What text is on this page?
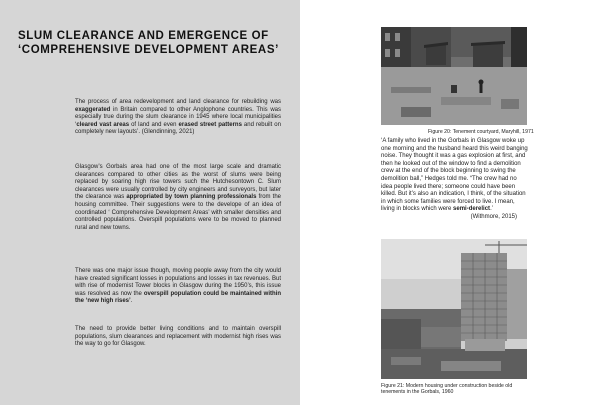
SLUM CLEARANCE AND EMERGENCE OF
‘COMPREHENSIVE DEVELOPMENT AREAS’
The process of area redevelopment and land clearance for rebuilding was exaggerated in Britain compared to other Anglophone countries. This was especially true during the slum clearance in 1945 where local municipalities ‘cleared vast areas of land and even erased street patterns and rebuilt on completely new layouts’. (Glendinning, 2021)
Glasgow’s Gorbals area had one of the most large scale and dramatic clearances compared to other cities as the worst of slums were being replaced by soaring high rise towers such the Hutchesontown C. Slum clearances were usually controlled by city engineers and surveyors, but later the clearance was appropriated by town planning professionals from the housing committee. Their suggestions were to the develope of an idea of coordinated ‘ Comprehensive Development Areas’ with smaller densities and controlled populations. Overspill populations were to be moved to planned rural and new towns.
There was one major issue though, moving people away from the city would have created significant losses in populations and losses in tax revenues. But with rise of modernist Tower blocks in Glasgow during the 1950’s, this issue was resolved as now the overspill population could be maintained within the ‘new high rises’.
The need to provide better living conditions and to maintain overspill populations, slum clearances and replacement with modernist high rises was the way to go for Glasgow.
Figure 20: Tenement courtyard, Maryhill, 1971
‘A family who lived in the Gorbals in Glasgow woke up one morning and the husband heard this weird banging noise. They thought it was a gas explosion at first, and then he looked out of the window to find a demolition crew at the end of the block beginning to swing the demolition ball,” Hedges told me. “The crew had no idea people lived there; someone could have been killed. But it’s also an indication, I think, of the situation in which some families were forced to live. I mean, living in blocks which were semi-derelict.’
(Withmore, 2015)
Figure 21: Modern housing under construction beside old
tenements in the Gorbals, 1960
